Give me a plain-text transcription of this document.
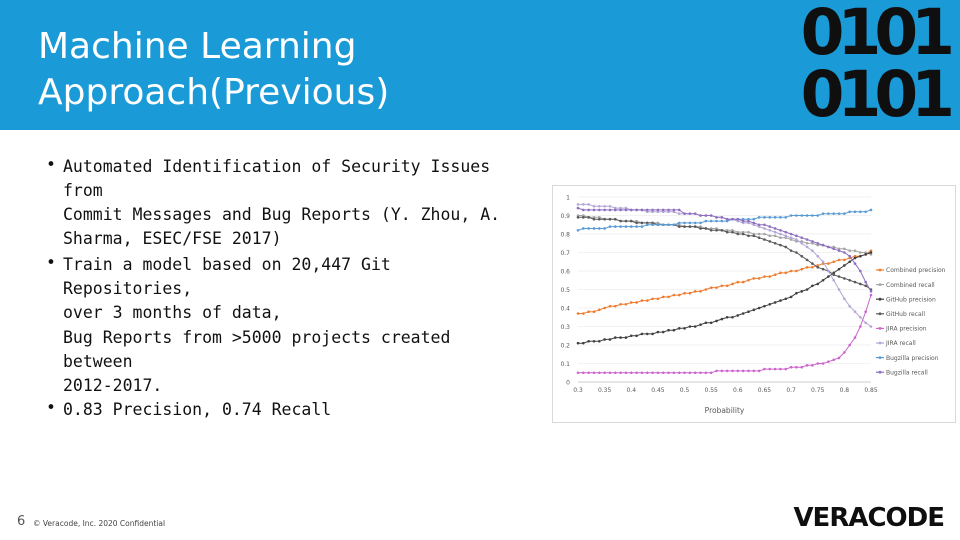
Machine Learning
Approach(Previous)
0101
0101
• Automated Identification of Security Issues from
Commit Messages and Bug Reports (Y. Zhou, A.
Sharma, ESEC/FSE 2017)
• Train a model based on 20,447 Git Repositories,
over 3 months of data,
Bug Reports from >5000 projects created between
2012-2017.
• 0.83 Precision, 0.74 Recall
0
0.1
0.2
0.3
0.4
0.5
0.6
0.7
0.8
0.9
1
0.3	0.35	0.4	0.45	0.5	0.55	0.6	0.65	0.7	0.75	0.8	0.85
Combined precision
Combined recall
GitHub precision
GitHub recall
JIRA precision
JIRA recall
Bugzilla precision
Bugzilla recall
Probability
6 © Veracode, Inc. 2020 Confidential	VERACODE
